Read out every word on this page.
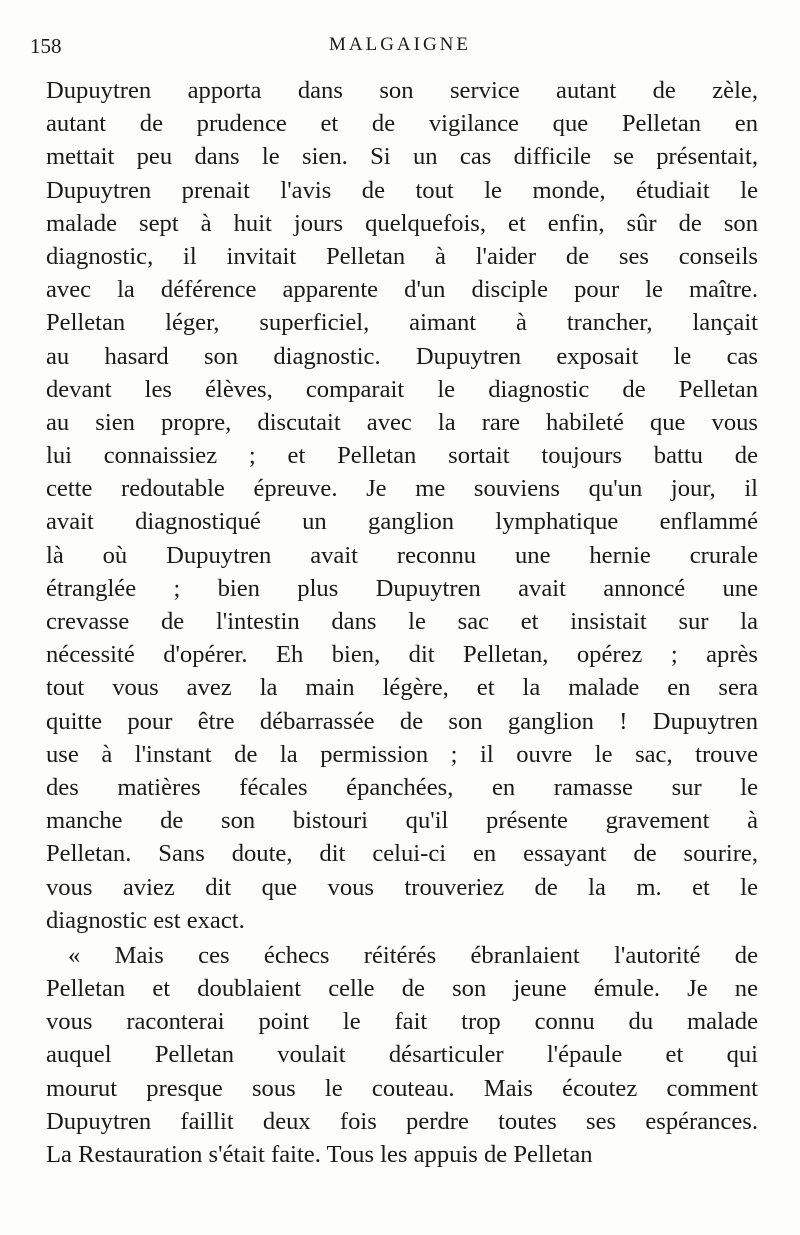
158	MALGAIGNE
Dupuytren apporta dans son service autant de zèle,
autant de prudence et de vigilance que Pelletan en
mettait peu dans le sien. Si un cas difficile se présentait,
Dupuytren prenait l'avis de tout le monde, étudiait le
malade sept à huit jours quelquefois, et enfin, sûr de son
diagnostic, il invitait Pelletan à l'aider de ses conseils
avec la déférence apparente d'un disciple pour le maître.
Pelletan léger, superficiel, aimant à trancher, lançait
au hasard son diagnostic. Dupuytren exposait le cas
devant les élèves, comparait le diagnostic de Pelletan
au sien propre, discutait avec la rare habileté que vous
lui connaissiez ; et Pelletan sortait toujours battu de
cette redoutable épreuve. Je me souviens qu'un jour, il
avait diagnostiqué un ganglion lymphatique enflammé
là où Dupuytren avait reconnu une hernie crurale
étranglée ; bien plus Dupuytren avait annoncé une
crevasse de l'intestin dans le sac et insistait sur la
nécessité d'opérer. Eh bien, dit Pelletan, opérez ; après
tout vous avez la main légère, et la malade en sera
quitte pour être débarrassée de son ganglion ! Dupuytren
use à l'instant de la permission ; il ouvre le sac, trouve
des matières fécales épanchées, en ramasse sur le
manche de son bistouri qu'il présente gravement à
Pelletan. Sans doute, dit celui-ci en essayant de sourire,
vous aviez dit que vous trouveriez de la m. et le
diagnostic est exact.
« Mais ces échecs réitérés ébranlaient l'autorité de
Pelletan et doublaient celle de son jeune émule. Je ne
vous raconterai point le fait trop connu du malade
auquel Pelletan voulait désarticuler l'épaule et qui
mourut presque sous le couteau. Mais écoutez comment
Dupuytren faillit deux fois perdre toutes ses espérances.
La Restauration s'était faite. Tous les appuis de Pelletan
